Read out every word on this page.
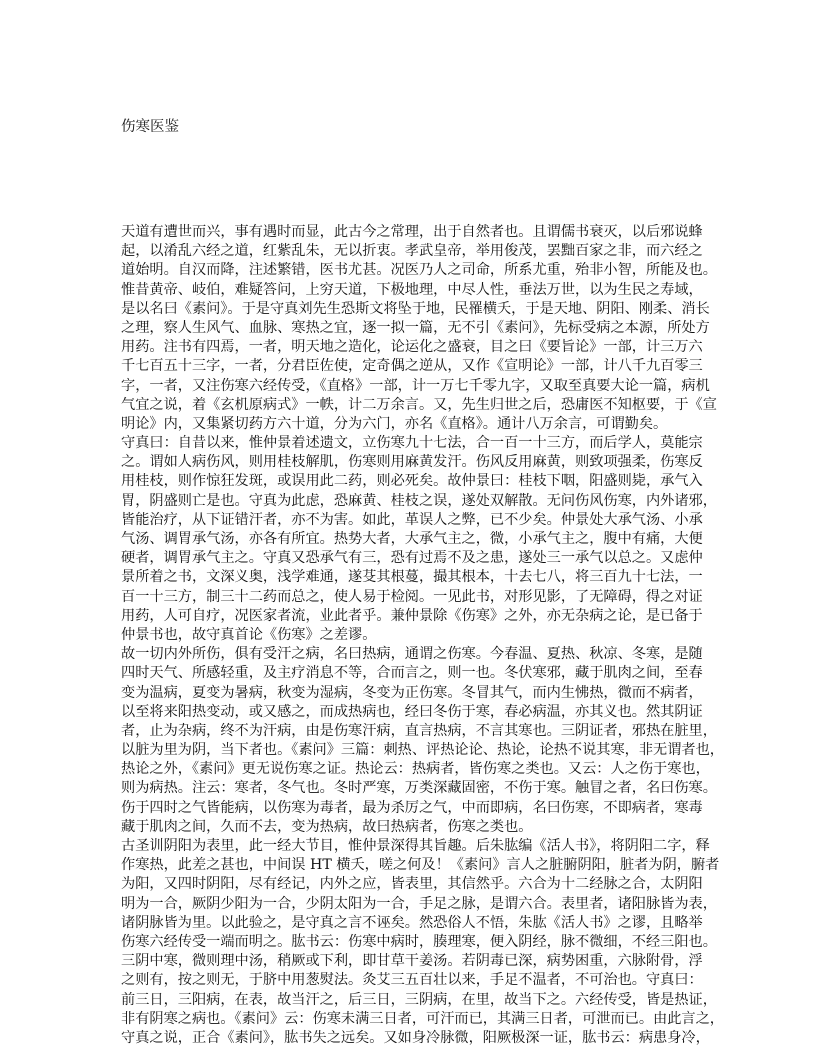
伤寒医鉴
天道有遭世而兴，事有遇时而显，此古今之常理，出于自然者也。且谓儒书衰灭，以后邪说蜂
起，以淆乱六经之道，红紫乱朱，无以折衷。孝武皇帝，举用俊茂，罢黜百家之非，而六经之
道始明。自汉而降，注述繁错，医书尤甚。况医乃人之司命，所系尤重，殆非小智，所能及也。
惟昔黄帝、岐伯，难疑答问，上穷天道，下极地理，中尽人性，垂法万世，以为生民之寿域，
是以名曰《素问》。于是守真刘先生恐斯文将坠于地，民罹横夭，于是天地、阴阳、刚柔、消长
之理，察人生风气、血脉、寒热之宜，逐一拟一篇，无不引《素问》，先标受病之本源，所处方
用药。注书有四焉，一者，明天地之造化，论运化之盛衰，目之曰《要旨论》一部，计三万六
千七百五十三字，一者，分君臣佐使，定奇偶之逆从，又作《宣明论》一部，计八千九百零三
字，一者，又注伤寒六经传受，《直格》一部，计一万七千零九字，又取至真要大论一篇，病机
气宜之说，着《玄机原病式》一帙，计二万余言。又，先生归世之后，恐庸医不知枢要，于《宣
明论》内，又集紧切药方六十道，分为六门，亦名《直格》。通计八万余言，可谓勤矣。
守真曰：自昔以来，惟仲景着述遗文，立伤寒九十七法，合一百一十三方，而后学人，莫能宗
之。谓如人病伤风，则用桂枝解肌，伤寒则用麻黄发汗。伤风反用麻黄，则致项强柔，伤寒反
用桂枝，则作惊狂发斑，或误用此二药，则必死矣。故仲景曰：桂枝下咽，阳盛则毙，承气入
胃，阴盛则亡是也。守真为此虑，恐麻黄、桂枝之误，遂处双解散。无问伤风伤寒，内外诸邪，
皆能治疗，从下证错汗者，亦不为害。如此，革误人之弊，已不少矣。仲景处大承气汤、小承
气汤、调胃承气汤，亦各有所宜。热势大者，大承气主之，微，小承气主之，腹中有痛，大便
硬者，调胃承气主之。守真又恐承气有三，恐有过焉不及之患，遂处三一承气以总之。又虑仲
景所着之书，文深义奥，浅学难通，遂芟其根蔓，撮其根本，十去七八，将三百九十七法，一
百一十三方，制三十二药而总之，使人易于检阅。一见此书，对形见影，了无障碍，得之对证
用药，人可自疗，况医家者流，业此者乎。兼仲景除《伤寒》之外，亦无杂病之论，是已备于
仲景书也，故守真首论《伤寒》之差谬。
故一切内外所伤，俱有受汗之病，名曰热病，通谓之伤寒。今春温、夏热、秋凉、冬寒，是随
四时天气、所感轻重，及主疗消息不等，合而言之，则一也。冬伏寒邪，藏于肌肉之间，至春
变为温病，夏变为暑病，秋变为湿病，冬变为正伤寒。冬冒其气，而内生怫热，微而不病者，
以至将来阳热变动，或又感之，而成热病也，经曰冬伤于寒，春必病温，亦其义也。然其阴证
者，止为杂病，终不为汗病，由是伤寒汗病，直言热病，不言其寒也。三阴证者，邪热在脏里，
以脏为里为阴，当下者也。《素问》三篇：刺热、评热论论、热论，论热不说其寒，非无谓者也，
热论之外，《素问》更无说伤寒之证。热论云：热病者，皆伤寒之类也。又云：人之伤于寒也，
则为病热。注云：寒者，冬气也。冬时严寒，万类深藏固密，不伤于寒。触冒之者，名曰伤寒。
伤于四时之气皆能病，以伤寒为毒者，最为杀厉之气，中而即病，名曰伤寒，不即病者，寒毒
藏于肌肉之间，久而不去，变为热病，故曰热病者，伤寒之类也。
古圣训阴阳为表里，此一经大节目，惟仲景深得其旨趣。后朱肱编《活人书》，将阴阳二字，释
作寒热，此差之甚也，中间误 HT 横夭，嗟之何及！《素问》言人之脏腑阴阳，脏者为阴，腑者
为阳，又四时阴阳，尽有经记，内外之应，皆表里，其信然乎。六合为十二经脉之合，太阴阳
明为一合，厥阴少阳为一合，少阴太阳为一合，手足之脉，是谓六合。表里者，诸阳脉皆为表，
诸阴脉皆为里。以此验之，是守真之言不诬矣。然恐俗人不悟，朱肱《活人书》之谬，且略举
伤寒六经传受一端而明之。肱书云：伤寒中病时，腠理寒，便入阴经，脉不微细，不经三阳也。
三阴中寒，微则理中汤，稍厥或下利，即甘草干姜汤。若阴毒已深，病势困重，六脉附骨，浮
之则有，按之则无，于脐中用葱熨法。灸艾三五百壮以来，手足不温者，不可治也。守真曰：
前三日，三阳病，在表，故当汗之，后三日，三阴病，在里，故当下之。六经传受，皆是热证，
非有阴寒之病也。《素问》云：伤寒未满三日者，可汗而已，其满三日者，可泄而已。由此言之，
守真之说，正合《素问》，肱书失之远矣。又如身冷脉微，阳厥极深一证，肱书云：病患身冷，
